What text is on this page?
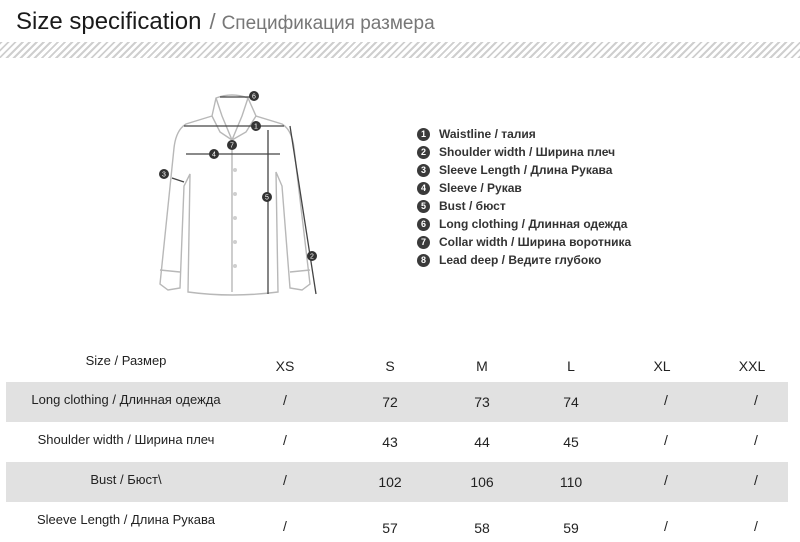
Size specification / Спецификация размера
6
1
7
4
3
5
2
1	Waistline / талия
2	Shoulder width / Ширина плеч
3	Sleeve Length / Длина Рукава
4	Sleeve / Рукав
5	Bust / бюст
6	Long clothing / Длинная одежда
7	Collar width / Ширина воротника
8	Lead deep / Ведите глубоко
Size / Размер	XS	S	M	L	XL	XXL
Long clothing / Длинная одежда	/	72	73	74	/	/
Shoulder width / Ширина плеч	/	43	44	45	/	/
Bust / Бюст\	/	102	106	110	/	/
Sleeve Length / Длина Рукава	/	57	58	59	/	/
